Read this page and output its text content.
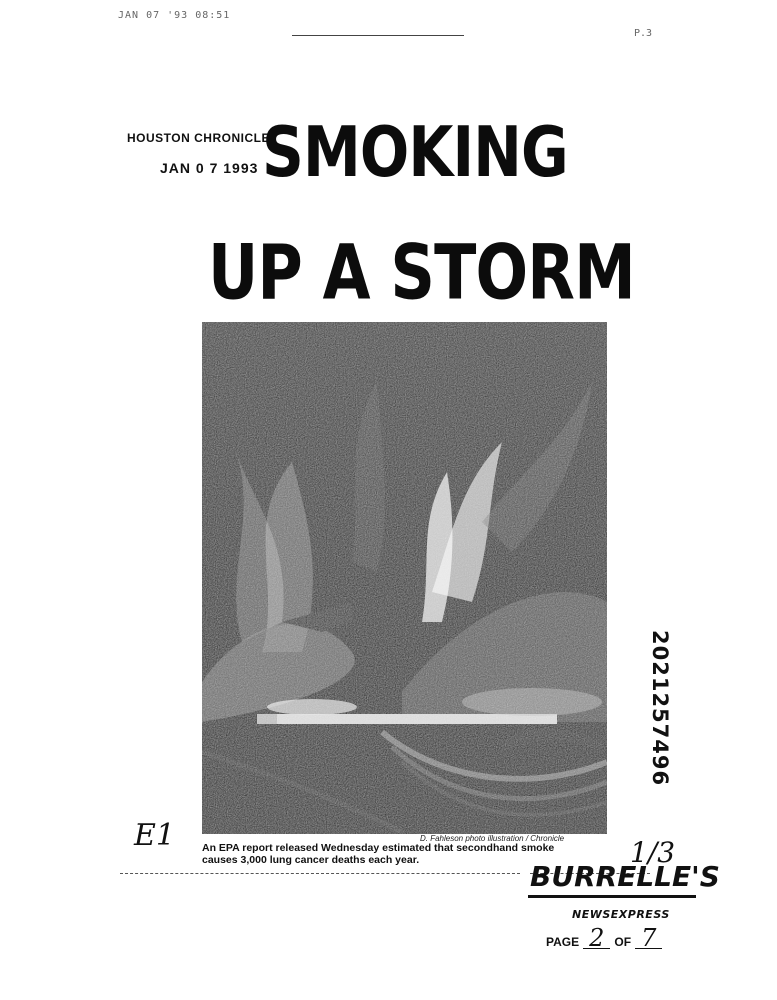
JAN 07 '93 08:51
P.3
HOUSTON CHRONICLE
JAN 0 7 1993 SMOKING
UP A STORM
D. Fahleson photo illustration / Chronicle
An EPA report released Wednesday estimated that secondhand smoke
causes 3,000 lung cancer deaths each year.
2021257496
E1	1/3
BURRELLE'S
NEWSEXPRESS
PAGE 2 OF 7
